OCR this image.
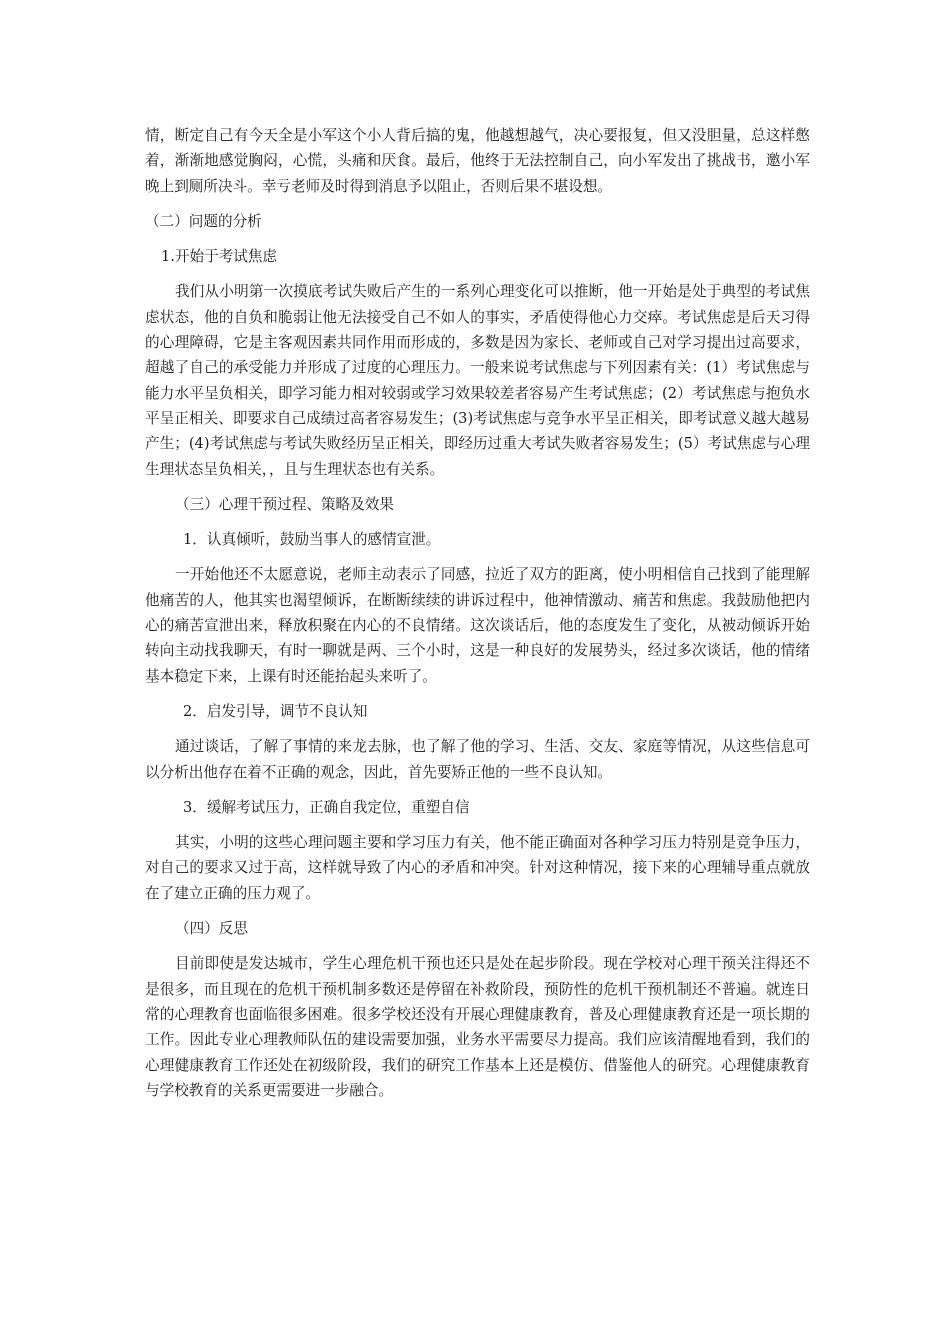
情，断定自己有今天全是小军这个小人背后搞的鬼，他越想越气，决心要报复，但又没胆量，总这样憋着，渐渐地感觉胸闷，心慌，头痛和厌食。最后，他终于无法控制自己，向小军发出了挑战书，邀小军晚上到厕所决斗。幸亏老师及时得到消息予以阻止，否则后果不堪设想。

（二）问题的分析

1.开始于考试焦虑

我们从小明第一次摸底考试失败后产生的一系列心理变化可以推断，他一开始是处于典型的考试焦虑状态，他的自负和脆弱让他无法接受自己不如人的事实，矛盾使得他心力交瘁。考试焦虑是后天习得的心理障碍，它是主客观因素共同作用而形成的，多数是因为家长、老师或自己对学习提出过高要求，超越了自己的承受能力并形成了过度的心理压力。一般来说考试焦虑与下列因素有关：(1）考试焦虑与能力水平呈负相关，即学习能力相对较弱或学习效果较差者容易产生考试焦虑；(2）考试焦虑与抱负水平呈正相关、即要求自己成绩过高者容易发生；(3)考试焦虑与竞争水平呈正相关，即考试意义越大越易产生；(4)考试焦虑与考试失败经历呈正相关，即经历过重大考试失败者容易发生；(5）考试焦虑与心理生理状态呈负相关，，且与生理状态也有关系。

（三）心理干预过程、策略及效果

1．认真倾听，鼓励当事人的感情宣泄。

一开始他还不太愿意说，老师主动表示了同感，拉近了双方的距离，使小明相信自己找到了能理解他痛苦的人，他其实也渴望倾诉，在断断续续的讲诉过程中，他神情激动、痛苦和焦虑。我鼓励他把内心的痛苦宣泄出来，释放积聚在内心的不良情绪。这次谈话后，他的态度发生了变化，从被动倾诉开始转向主动找我聊天，有时一聊就是两、三个小时，这是一种良好的发展势头，经过多次谈话，他的情绪基本稳定下来，上课有时还能抬起头来听了。

2．启发引导，调节不良认知

通过谈话，了解了事情的来龙去脉，也了解了他的学习、生活、交友、家庭等情况，从这些信息可以分析出他存在着不正确的观念，因此，首先要矫正他的一些不良认知。

3．缓解考试压力，正确自我定位，重塑自信

其实，小明的这些心理问题主要和学习压力有关，他不能正确面对各种学习压力特别是竞争压力，对自己的要求又过于高，这样就导致了内心的矛盾和冲突。针对这种情况，接下来的心理辅导重点就放在了建立正确的压力观了。

（四）反思

目前即使是发达城市，学生心理危机干预也还只是处在起步阶段。现在学校对心理干预关注得还不是很多，而且现在的危机干预机制多数还是停留在补救阶段，预防性的危机干预机制还不普遍。就连日常的心理教育也面临很多困难。很多学校还没有开展心理健康教育，普及心理健康教育还是一项长期的工作。因此专业心理教师队伍的建设需要加强，业务水平需要尽力提高。我们应该清醒地看到，我们的心理健康教育工作还处在初级阶段，我们的研究工作基本上还是模仿、借鉴他人的研究。心理健康教育与学校教育的关系更需要进一步融合。
